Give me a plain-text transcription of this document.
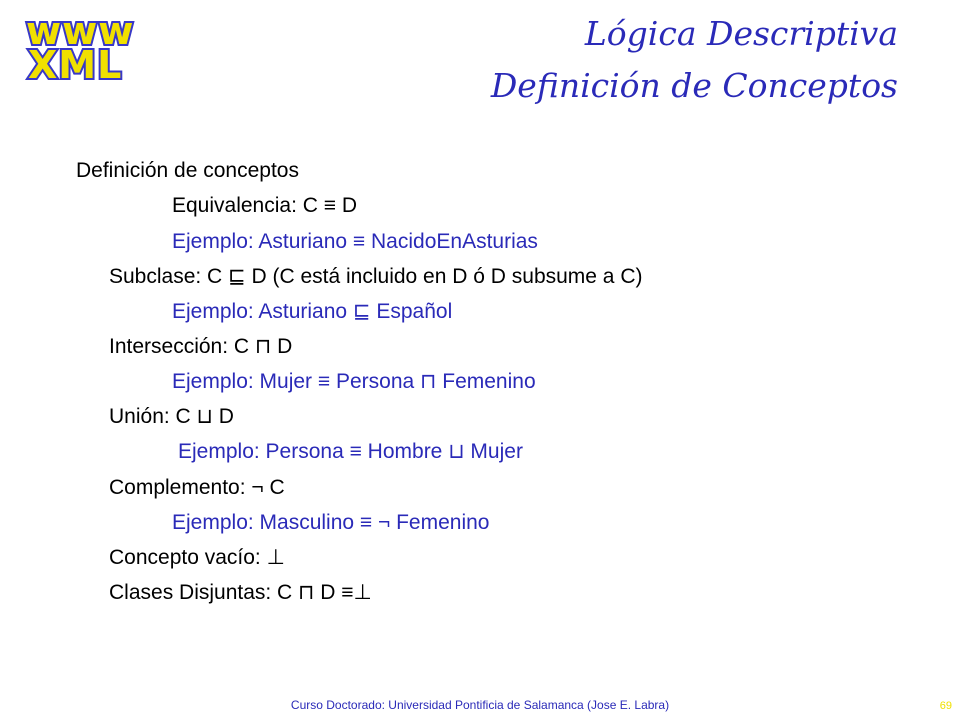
www
XML
Lógica Descriptiva
Definición de Conceptos
Definición de conceptos
Equivalencia: C ≡ D
Ejemplo: Asturiano ≡ NacidoEnAsturias
Subclase: C ⊑ D (C está incluido en D ó D subsume a C)
Ejemplo: Asturiano ⊑ Español
Intersección: C ⊓ D
Ejemplo: Mujer ≡ Persona ⊓ Femenino
Unión: C ⊔ D
Ejemplo: Persona ≡ Hombre ⊔ Mujer
Complemento: ¬ C
Ejemplo: Masculino ≡ ¬ Femenino
Concepto vacío: ⊥
Clases Disjuntas: C ⊓ D ≡⊥
Curso Doctorado: Universidad Pontificia de Salamanca (Jose E. Labra)	69
